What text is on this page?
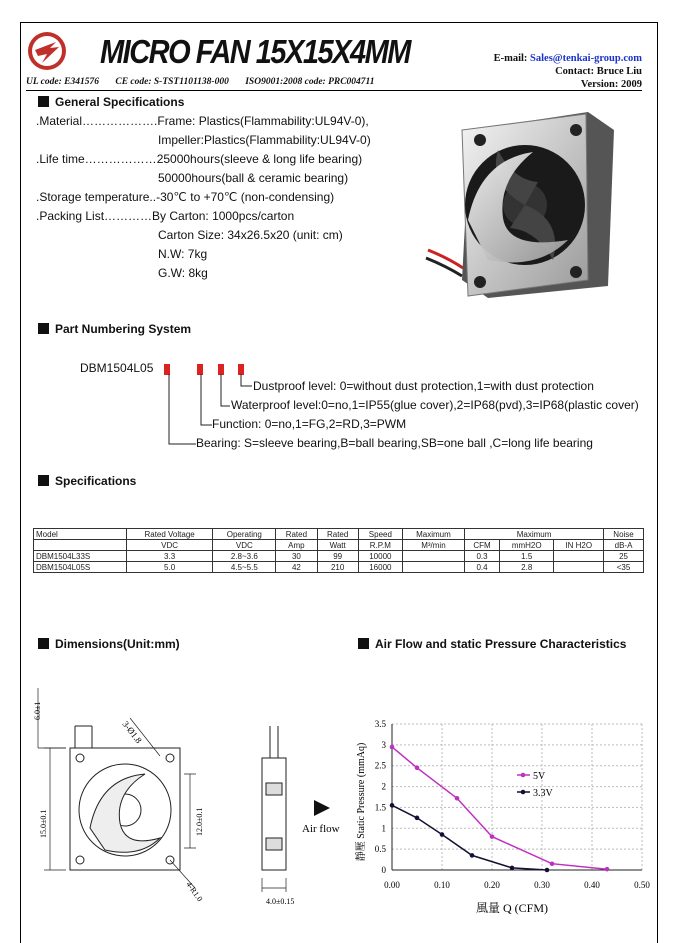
MICRO FAN 15X15X4MM	E-mail: Sales@tenkai-group.com
Contact: Bruce Liu
Version: 2009
UL code: E341576 CE code: S-TST1101138-000 ISO9001:2008 code: PRC004711
General Specifications
.Material……………….Frame: Plastics(Flammability:UL94V-0),
Impeller:Plastics(Flammability:UL94V-0)
.Life time………………25000hours(sleeve & long life bearing)
50000hours(ball & ceramic bearing)
.Storage temperature..-30℃ to +70℃ (non-condensing)
.Packing List…………By Carton: 1000pcs/carton
Carton Size: 34x26.5x20 (unit: cm)
N.W: 7kg
G.W: 8kg
Part Numbering System
DBM1504L05
Dustproof level: 0=without dust protection,1=with dust protection
Waterproof level:0=no,1=IP55(glue cover),2=IP68(pvd),3=IP68(plastic cover)
Function: 0=no,1=FG,2=RD,3=PWM
Bearing: S=sleeve bearing,B=ball bearing,SB=one ball ,C=long life bearing
Specifications
Model	Rated Voltage	Operating	Rated	Rated	Speed	Maximum	Maximum			Noise
	VDC	VDC	Amp	Watt	R.P.M	M³/min	CFM	mmH2O	IN H2O	dB-A
DBM1504L33S	3.3	2.8~3.6	30	99	10000		0.3	1.5		25
DBM1504L05S	5.0	4.5~5.5	42	210	16000		0.4	2.8		<35
Dimensions(Unit:mm)
6.0±1
3-Ø1.8
15.0±0.1	12.0±0.1
4-R1.0	4.0±0.15
Air flow
Air Flow and static Pressure Characteristics
0.00	0.10	0.20	0.30	0.40	0.50
0
0.5
1
1.5
2
2.5
3
3.5
5V
3.3V
風量 Q (CFM)
靜壓 Static Pressure (mmAq)
